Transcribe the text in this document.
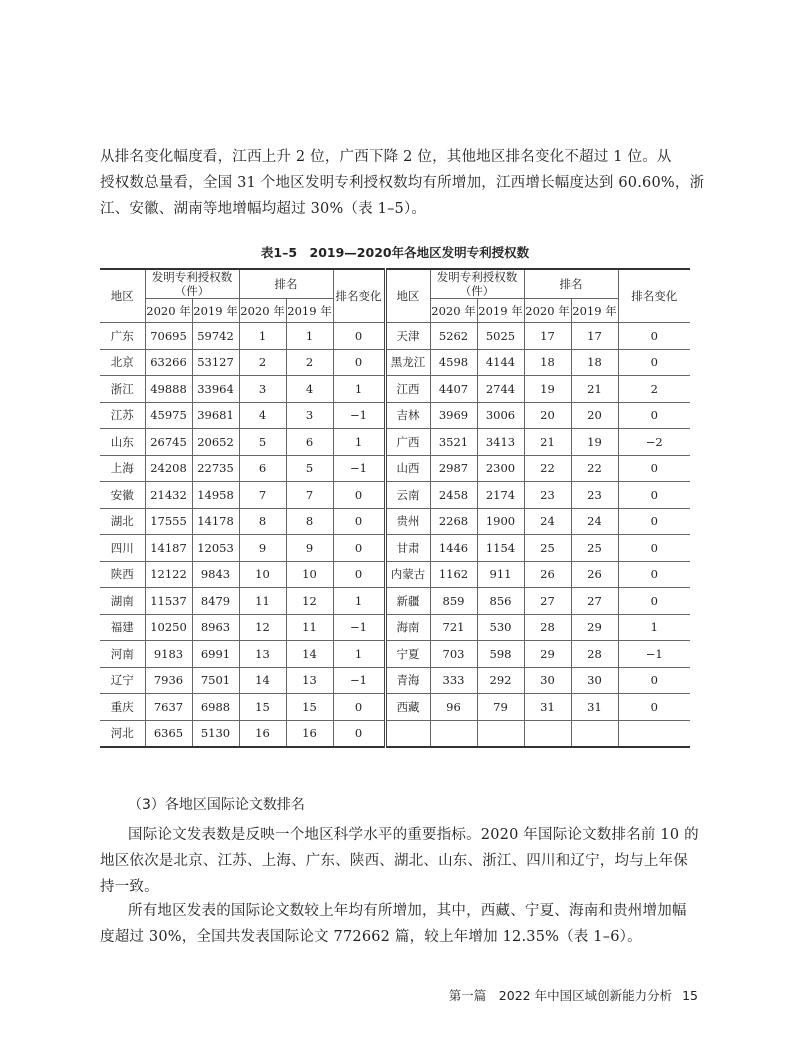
从排名变化幅度看，江西上升 2 位，广西下降 2 位，其他地区排名变化不超过 1 位。从
授权数总量看，全国 31 个地区发明专利授权数均有所增加，江西增长幅度达到 60.60%，浙
江、安徽、湖南等地增幅均超过 30%（表 1–5）。
表1–5　2019—2020年各地区发明专利授权数
地区	发明专利授权数（件）		排名		排名变化	地区	发明专利授权数（件）		排名		排名变化
	2020 年	2019 年	2020 年	2019 年			2020 年	2019 年	2020 年	2019 年	
广东	70695	59742	1	1	0	天津	5262	5025	17	17	0
北京	63266	53127	2	2	0	黑龙江	4598	4144	18	18	0
浙江	49888	33964	3	4	1	江西	4407	2744	19	21	2
江苏	45975	39681	4	3	−1	吉林	3969	3006	20	20	0
山东	26745	20652	5	6	1	广西	3521	3413	21	19	−2
上海	24208	22735	6	5	−1	山西	2987	2300	22	22	0
安徽	21432	14958	7	7	0	云南	2458	2174	23	23	0
湖北	17555	14178	8	8	0	贵州	2268	1900	24	24	0
四川	14187	12053	9	9	0	甘肃	1446	1154	25	25	0
陕西	12122	9843	10	10	0	内蒙古	1162	911	26	26	0
湖南	11537	8479	11	12	1	新疆	859	856	27	27	0
福建	10250	8963	12	11	−1	海南	721	530	28	29	1
河南	9183	6991	13	14	1	宁夏	703	598	29	28	−1
辽宁	7936	7501	14	13	−1	青海	333	292	30	30	0
重庆	7637	6988	15	15	0	西藏	96	79	31	31	0
河北	6365	5130	16	16	0						
（3）各地区国际论文数排名
国际论文发表数是反映一个地区科学水平的重要指标。2020 年国际论文数排名前 10 的
地区依次是北京、江苏、上海、广东、陕西、湖北、山东、浙江、四川和辽宁，均与上年保
持一致。
所有地区发表的国际论文数较上年均有所增加，其中，西藏、宁夏、海南和贵州增加幅
度超过 30%，全国共发表国际论文 772662 篇，较上年增加 12.35%（表 1–6）。
第一篇　2022 年中国区域创新能力分析 15
